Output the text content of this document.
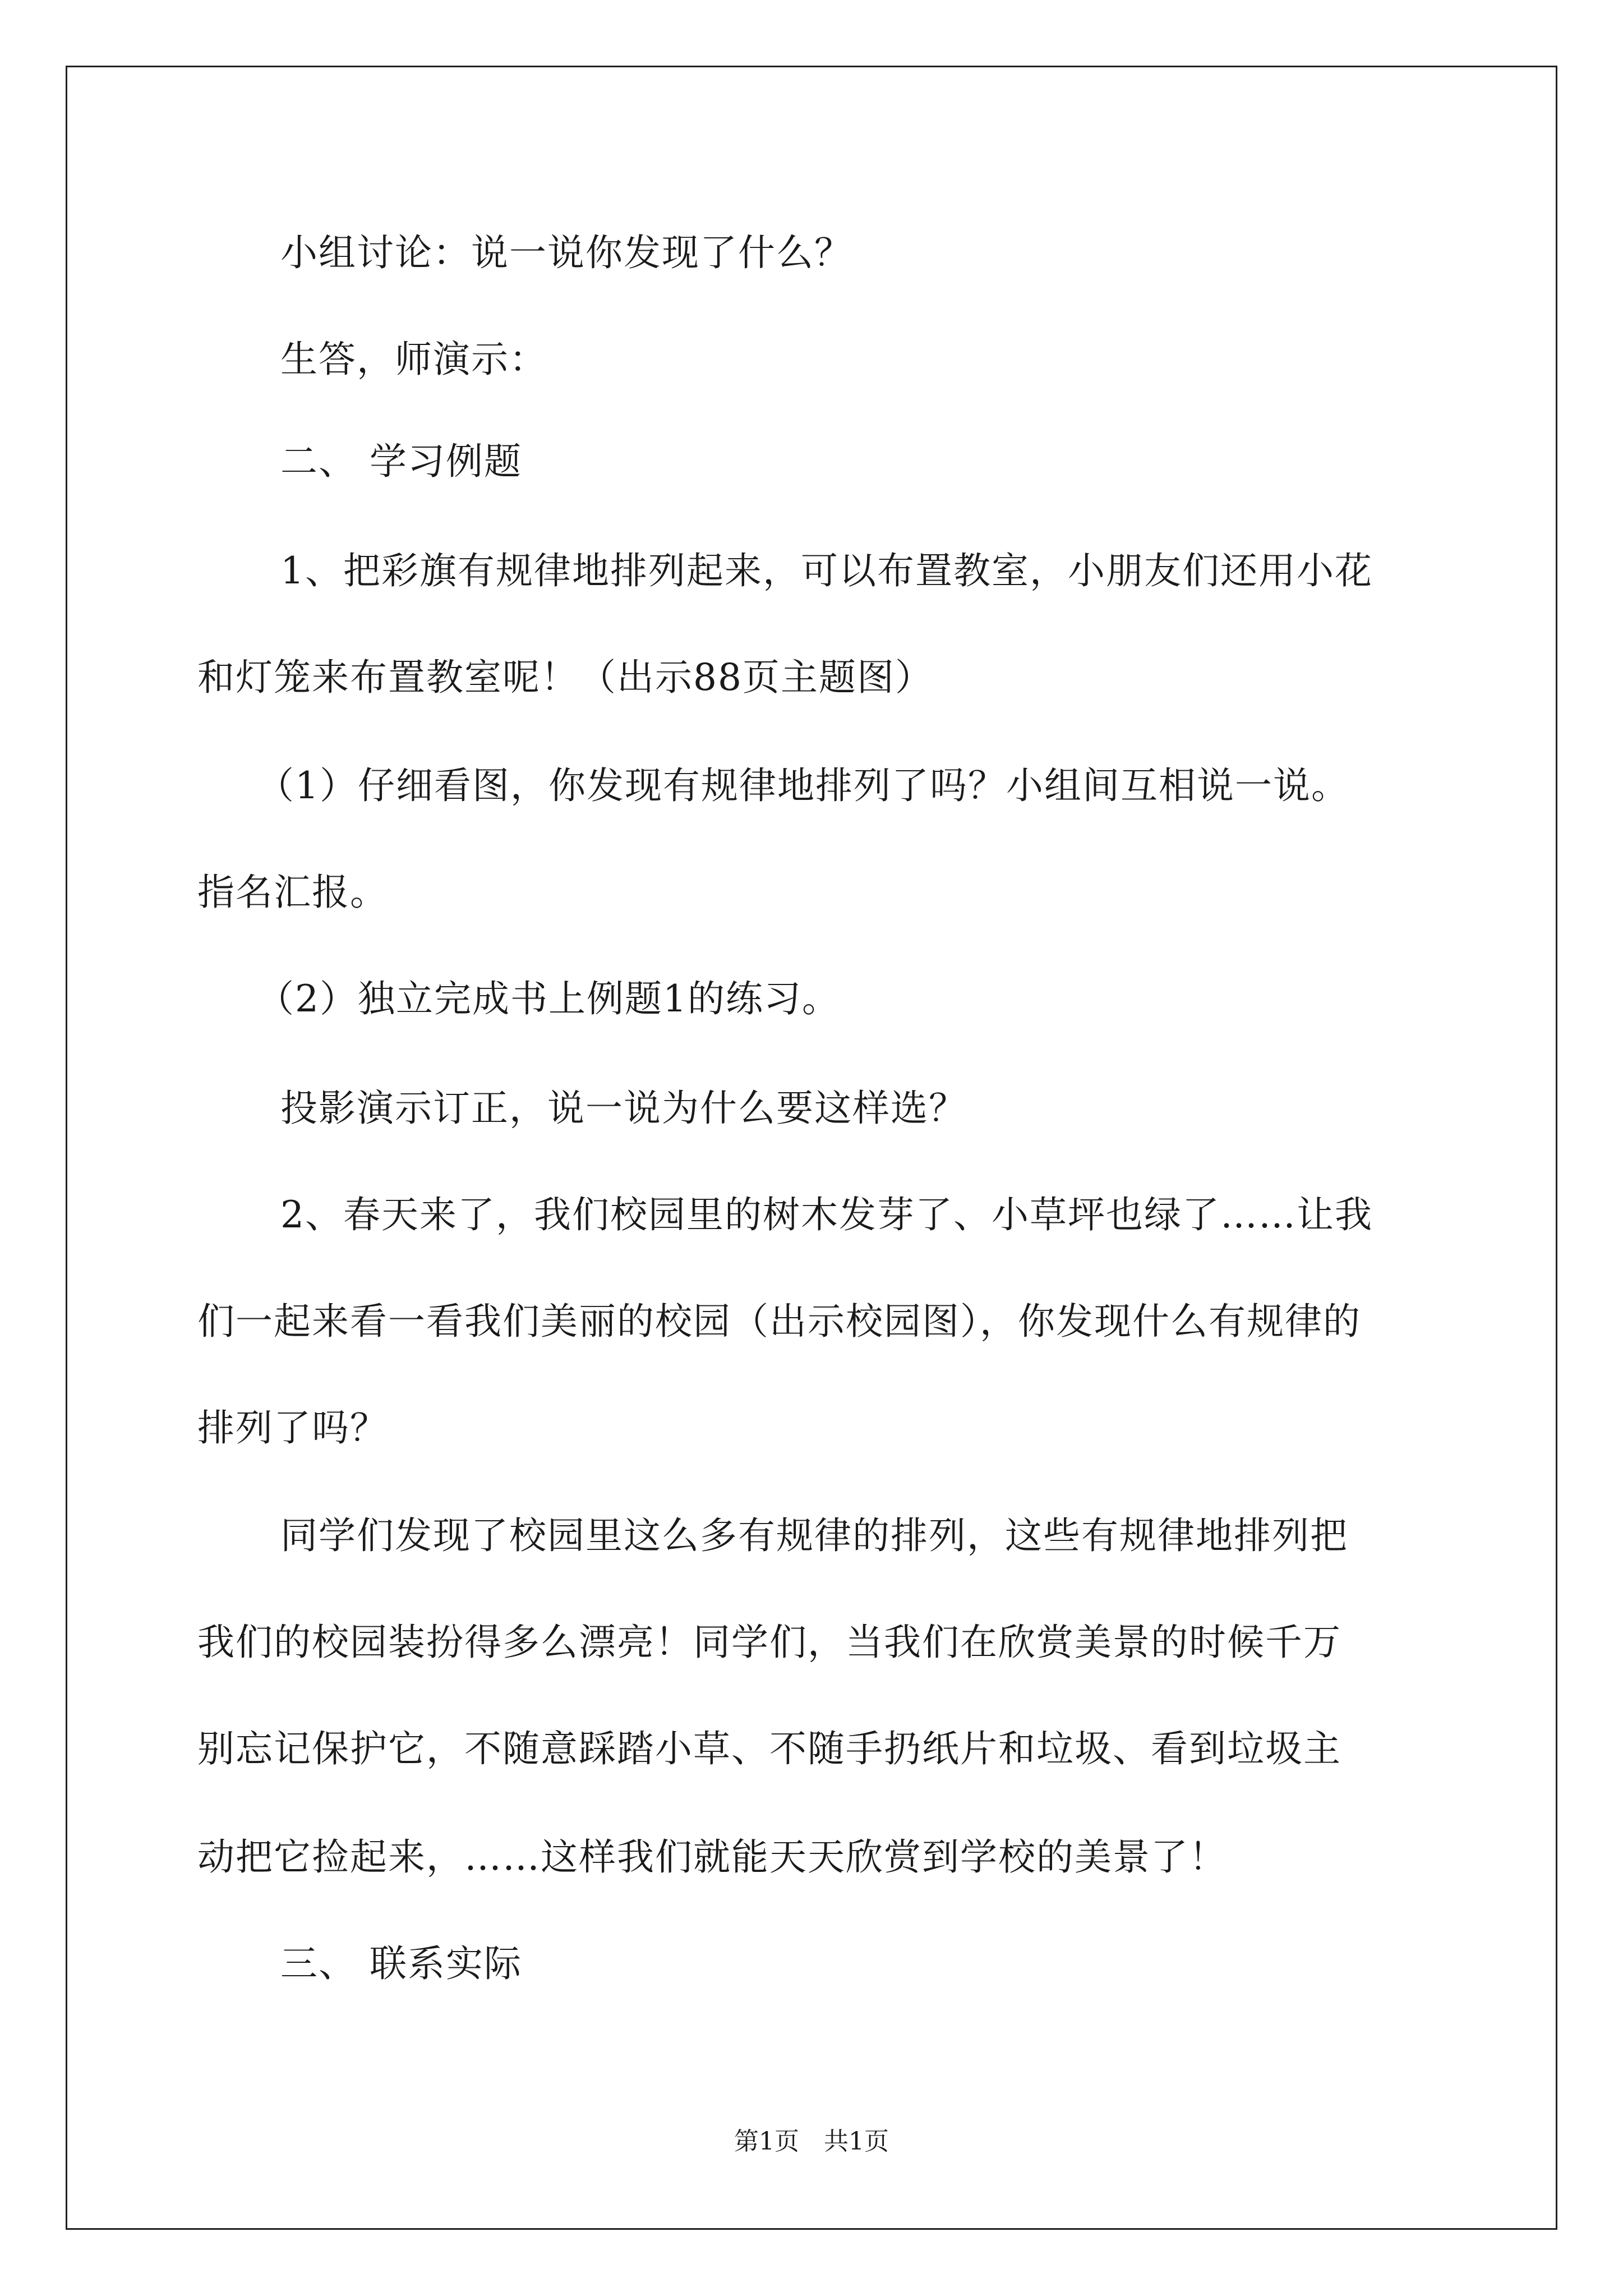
小组讨论：说一说你发现了什么？
生答，师演示：
二、 学习例题
1、把彩旗有规律地排列起来，可以布置教室，小朋友们还用小花
和灯笼来布置教室呢！（出示88页主题图）
（1）仔细看图，你发现有规律地排列了吗？小组间互相说一说。
指名汇报。
（2）独立完成书上例题1的练习。
投影演示订正，说一说为什么要这样选？
2、春天来了，我们校园里的树木发芽了、小草坪也绿了……让我
们一起来看一看我们美丽的校园（出示校园图），你发现什么有规律的
排列了吗？
同学们发现了校园里这么多有规律的排列，这些有规律地排列把
我们的校园装扮得多么漂亮！同学们，当我们在欣赏美景的时候千万
别忘记保护它，不随意踩踏小草、不随手扔纸片和垃圾、看到垃圾主
动把它捡起来，……这样我们就能天天欣赏到学校的美景了！
三、 联系实际
第1页　共1页
